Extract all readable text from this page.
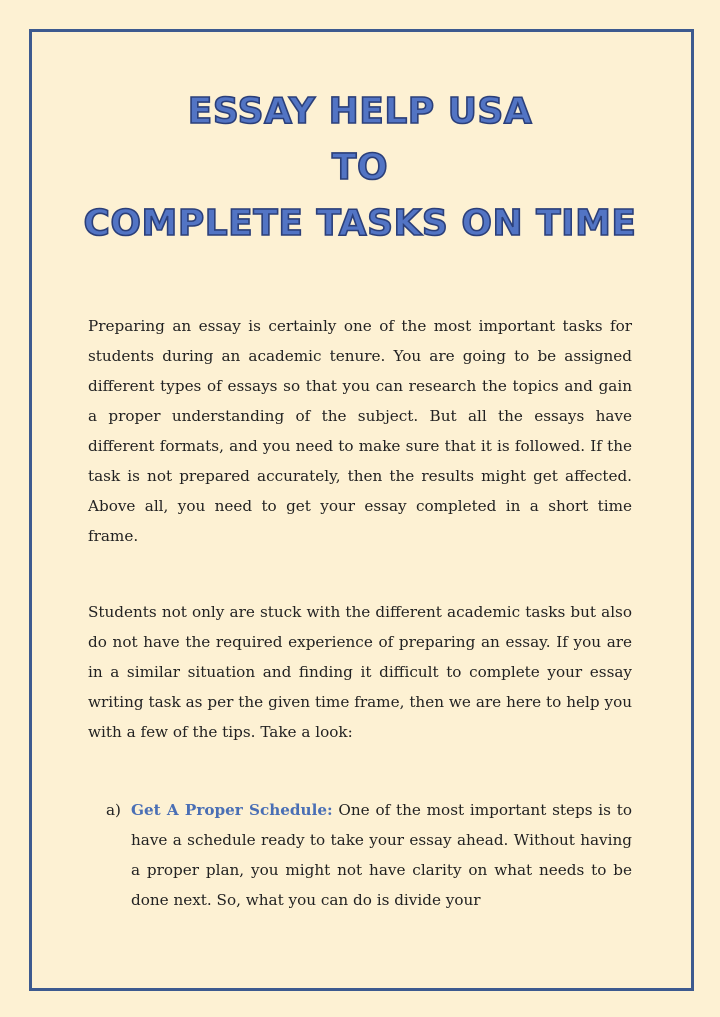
ESSAY HELP USA
TO
COMPLETE TASKS ON TIME

Preparing an essay is certainly one of the most important tasks for students during an academic tenure. You are going to be assigned different types of essays so that you can research the topics and gain a proper understanding of the subject. But all the essays have different formats, and you need to make sure that it is followed. If the task is not prepared accurately, then the results might get affected. Above all, you need to get your essay completed in a short time frame.

Students not only are stuck with the different academic tasks but also do not have the required experience of preparing an essay. If you are in a similar situation and finding it difficult to complete your essay writing task as per the given time frame, then we are here to help you with a few of the tips. Take a look:

a) Get A Proper Schedule: One of the most important steps is to have a schedule ready to take your essay ahead. Without having a proper plan, you might not have clarity on what needs to be done next. So, what you can do is divide your
